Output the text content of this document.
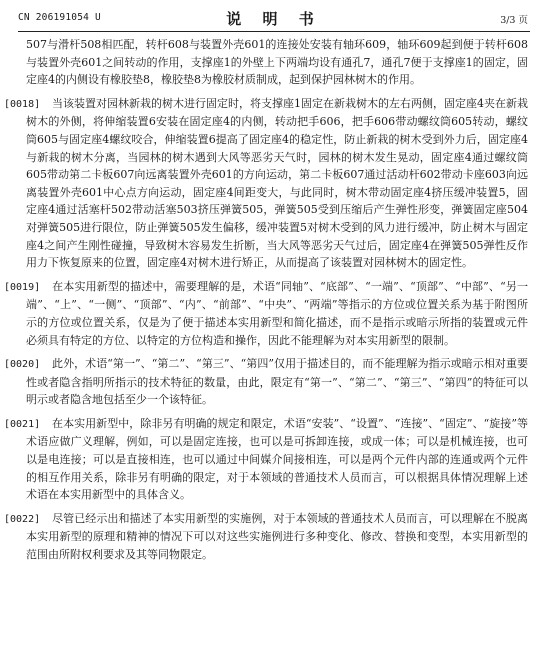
CN 206191054 U	说 明 书	3/3 页

507与滑杆508相匹配，转杆608与装置外壳601的连接处安装有轴环609，轴环609起到便于转杆608与装置外壳601之间转动的作用，支撑座1的外壁上下两端均设有通孔7，通孔7便于支撑座1的固定，固定座4的内侧设有橡胶垫8，橡胶垫8为橡胶材质制成，起到保护园林树木的作用。

[0018] 当该装置对园林新栽的树木进行固定时，将支撑座1固定在新栽树木的左右两侧，固定座4夹在新栽树木的外侧，将伸缩装置6安装在固定座4的内侧，转动把手606，把手606带动螺纹筒605转动，螺纹筒605与固定座4螺纹咬合，伸缩装置6提高了固定座4的稳定性，防止新栽的树木受到外力后，固定座4与新栽的树木分离，当园林的树木遇到大风等恶劣天气时，园林的树木发生晃动，固定座4通过螺纹筒605带动第二卡板607向远离装置外壳601的方向运动，第二卡板607通过活动杆602带动卡座603向远离装置外壳601中心点方向运动，固定座4间距变大，与此同时，树木带动固定座4挤压缓冲装置5，固定座4通过活塞杆502带动活塞503挤压弹簧505，弹簧505受到压缩后产生弹性形变，弹簧固定座504对弹簧505进行限位，防止弹簧505发生偏移，缓冲装置5对树木受到的风力进行缓冲，防止树木与固定座4之间产生刚性碰撞，导致树木容易发生折断，当大风等恶劣天气过后，固定座4在弹簧505弹性反作用力下恢复原来的位置，固定座4对树木进行矫正，从而提高了该装置对园林树木的固定性。

[0019] 在本实用新型的描述中，需要理解的是，术语“同轴”、“底部”、“一端”、“顶部”、“中部”、“另一端”、“上”、“一侧”、“顶部”、“内”、“前部”、“中央”、“两端”等指示的方位或位置关系为基于附图所示的方位或位置关系，仅是为了便于描述本实用新型和简化描述，而不是指示或暗示所指的装置或元件必须具有特定的方位、以特定的方位构造和操作，因此不能理解为对本实用新型的限制。

[0020] 此外，术语“第一”、“第二”、“第三”、“第四”仅用于描述目的，而不能理解为指示或暗示相对重要性或者隐含指明所指示的技术特征的数量，由此，限定有“第一”、“第二”、“第三”、“第四”的特征可以明示或者隐含地包括至少一个该特征。

[0021] 在本实用新型中，除非另有明确的规定和限定，术语“安装”、“设置”、“连接”、“固定”、“旋接”等术语应做广义理解，例如，可以是固定连接，也可以是可拆卸连接，或成一体；可以是机械连接，也可以是电连接；可以是直接相连，也可以通过中间媒介间接相连，可以是两个元件内部的连通或两个元件的相互作用关系，除非另有明确的限定，对于本领域的普通技术人员而言，可以根据具体情况理解上述术语在本实用新型中的具体含义。

[0022] 尽管已经示出和描述了本实用新型的实施例，对于本领域的普通技术人员而言，可以理解在不脱离本实用新型的原理和精神的情况下可以对这些实施例进行多种变化、修改、替换和变型，本实用新型的范围由所附权利要求及其等同物限定。
